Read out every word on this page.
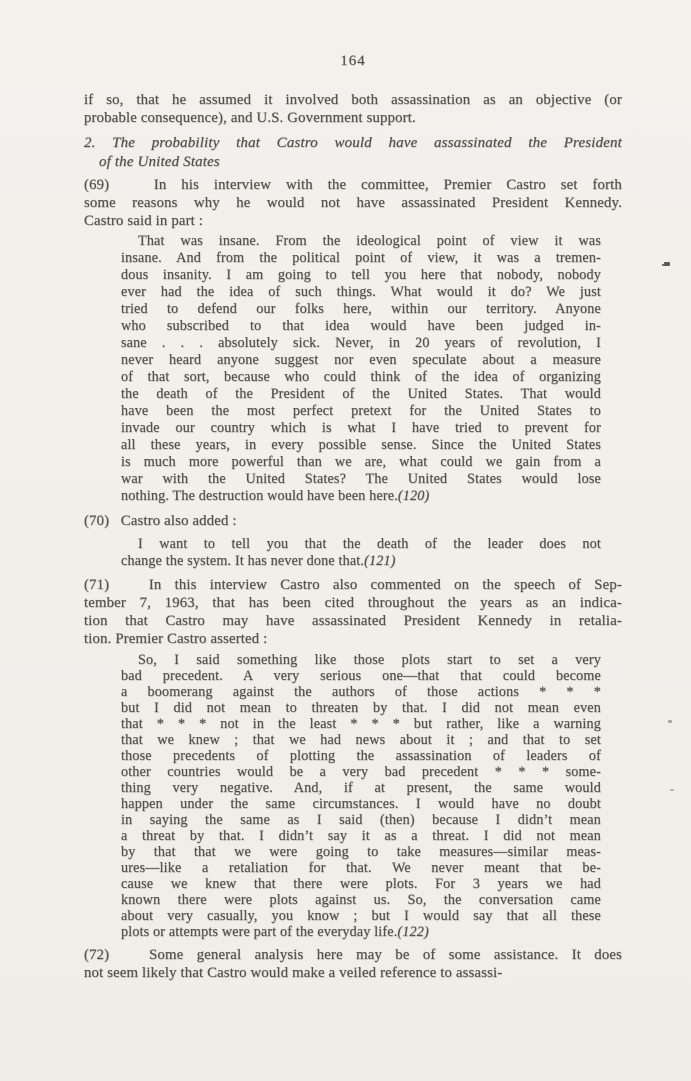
164
if so, that he assumed it involved both assassination as an objective (or
probable consequence), and U.S. Government support.
2. The probability that Castro would have assassinated the President
of the United States
(69)   In his interview with the committee, Premier Castro set forth
some reasons why he would not have assassinated President Kennedy.
Castro said in part :
That was insane. From the ideological point of view it was
insane. And from the political point of view, it was a tremen-
dous insanity. I am going to tell you here that nobody, nobody
ever had the idea of such things. What would it do? We just
tried to defend our folks here, within our territory. Anyone
who subscribed to that idea would have been judged in-
sane . . . absolutely sick. Never, in 20 years of revolution, I
never heard anyone suggest nor even speculate about a measure
of that sort, because who could think of the idea of organizing
the death of the President of the United States. That would
have been the most perfect pretext for the United States to
invade our country which is what I have tried to prevent for
all these years, in every possible sense. Since the United States
is much more powerful than we are, what could we gain from a
war with the United States? The United States would lose
nothing. The destruction would have been here.(120)
(70)   Castro also added :
I want to tell you that the death of the leader does not
change the system. It has never done that.(121)
(71)   In this interview Castro also commented on the speech of Sep-
tember 7, 1963, that has been cited throughout the years as an indica-
tion that Castro may have assassinated President Kennedy in retalia-
tion. Premier Castro asserted :
So, I said something like those plots start to set a very
bad precedent. A very serious one—that that could become
a boomerang against the authors of those actions * * *
but I did not mean to threaten by that. I did not mean even
that * * * not in the least * * * but rather, like a warning
that we knew ; that we had news about it ; and that to set
those precedents of plotting the assassination of leaders of
other countries would be a very bad precedent * * * some-
thing very negative. And, if at present, the same would
happen under the same circumstances. I would have no doubt
in saying the same as I said (then) because I didn’t mean
a threat by that. I didn’t say it as a threat. I did not mean
by that that we were going to take measures—similar meas-
ures—like a retaliation for that. We never meant that be-
cause we knew that there were plots. For 3 years we had
known there were plots against us. So, the conversation came
about very casually, you know ; but I would say that all these
plots or attempts were part of the everyday life.(122)
(72)   Some general analysis here may be of some assistance. It does
not seem likely that Castro would make a veiled reference to assassi-
